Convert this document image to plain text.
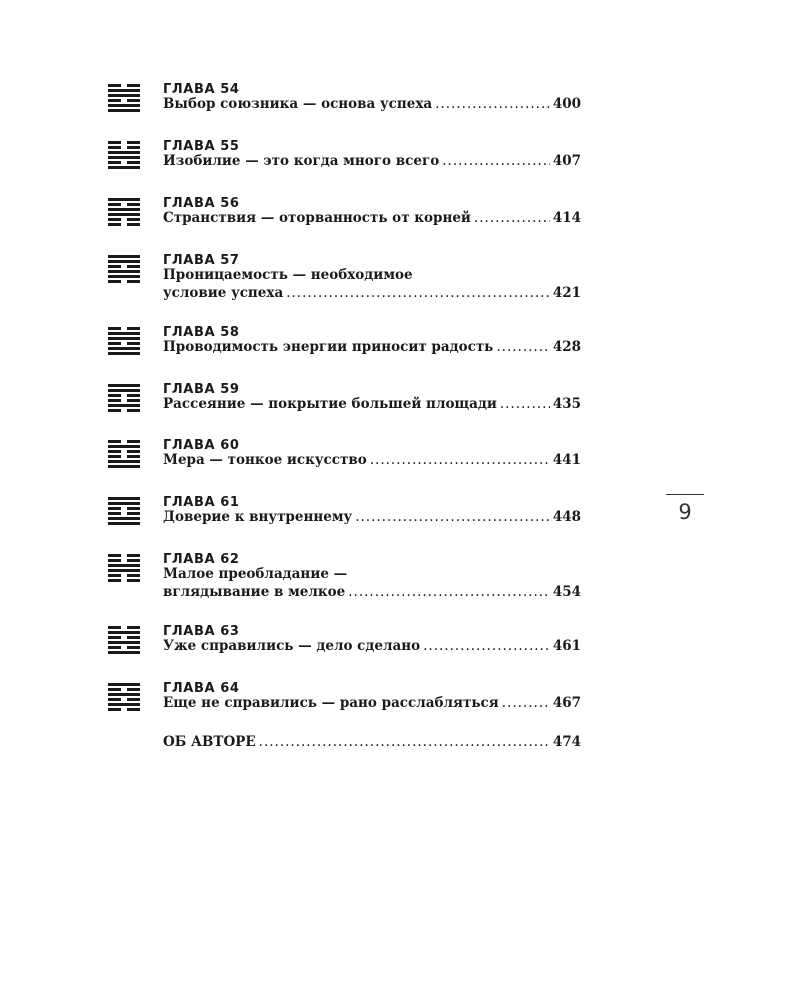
ГЛАВА 54
Выбор союзника — основа успеха .....	400
ГЛАВА 55
Изобилие — это когда много всего .....	407
ГЛАВА 56
Странствия — оторванность от корней .....	414
ГЛАВА 57
Проницаемость — необходимое
условие успеха .....	421
ГЛАВА 58
Проводимость энергии приносит радость .....	428
ГЛАВА 59
Рассеяние — покрытие большей площади .....	435
ГЛАВА 60
Мера — тонкое искусство .....	441
ГЛАВА 61
Доверие к внутреннему .....	448
ГЛАВА 62
Малое преобладание —
вглядывание в мелкое .....	454
ГЛАВА 63
Уже справились — дело сделано .....	461
ГЛАВА 64
Еще не справились — рано расслабляться .....	467
ОБ АВТОРЕ .....	474
9
